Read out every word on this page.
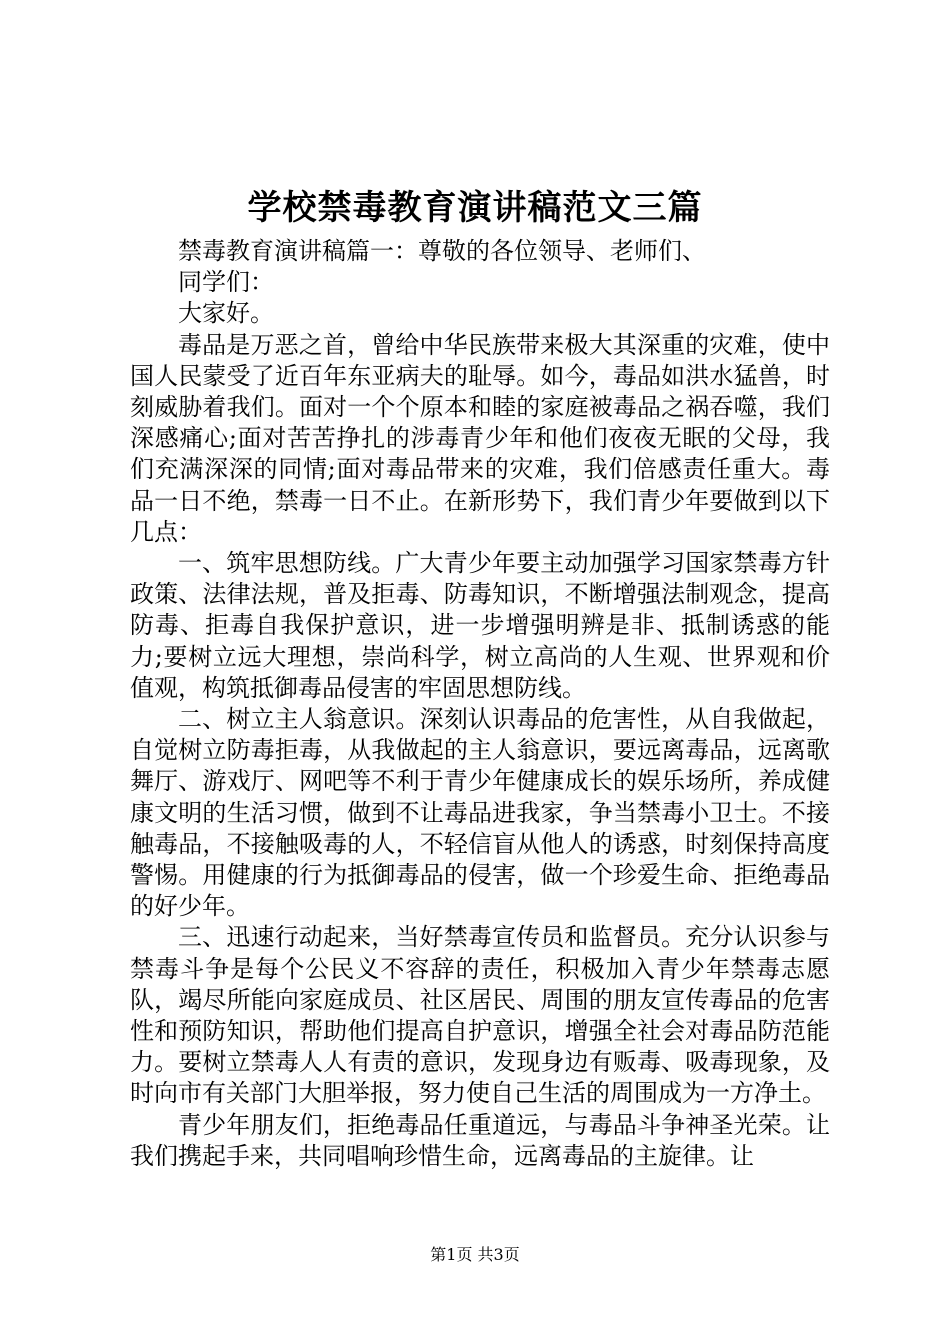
学校禁毒教育演讲稿范文三篇

禁毒教育演讲稿篇一：尊敬的各位领导、老师们、

同学们：

大家好。

毒品是万恶之首，曾给中华民族带来极大其深重的灾难，使中国人民蒙受了近百年东亚病夫的耻辱。如今，毒品如洪水猛兽，时刻威胁着我们。面对一个个原本和睦的家庭被毒品之祸吞噬，我们深感痛心;面对苦苦挣扎的涉毒青少年和他们夜夜无眠的父母，我们充满深深的同情;面对毒品带来的灾难，我们倍感责任重大。毒品一日不绝，禁毒一日不止。在新形势下，我们青少年要做到以下几点：

一、筑牢思想防线。广大青少年要主动加强学习国家禁毒方针政策、法律法规，普及拒毒、防毒知识，不断增强法制观念，提高防毒、拒毒自我保护意识，进一步增强明辨是非、抵制诱惑的能力;要树立远大理想，崇尚科学，树立高尚的人生观、世界观和价值观，构筑抵御毒品侵害的牢固思想防线。

二、树立主人翁意识。深刻认识毒品的危害性，从自我做起，自觉树立防毒拒毒，从我做起的主人翁意识，要远离毒品，远离歌舞厅、游戏厅、网吧等不利于青少年健康成长的娱乐场所，养成健康文明的生活习惯，做到不让毒品进我家，争当禁毒小卫士。不接触毒品，不接触吸毒的人，不轻信盲从他人的诱惑，时刻保持高度警惕。用健康的行为抵御毒品的侵害，做一个珍爱生命、拒绝毒品的好少年。

三、迅速行动起来，当好禁毒宣传员和监督员。充分认识参与禁毒斗争是每个公民义不容辞的责任，积极加入青少年禁毒志愿队，竭尽所能向家庭成员、社区居民、周围的朋友宣传毒品的危害性和预防知识，帮助他们提高自护意识，增强全社会对毒品防范能力。要树立禁毒人人有责的意识，发现身边有贩毒、吸毒现象，及时向市有关部门大胆举报，努力使自己生活的周围成为一方净土。

青少年朋友们，拒绝毒品任重道远，与毒品斗争神圣光荣。让我们携起手来，共同唱响珍惜生命，远离毒品的主旋律。让

第1页 共3页
